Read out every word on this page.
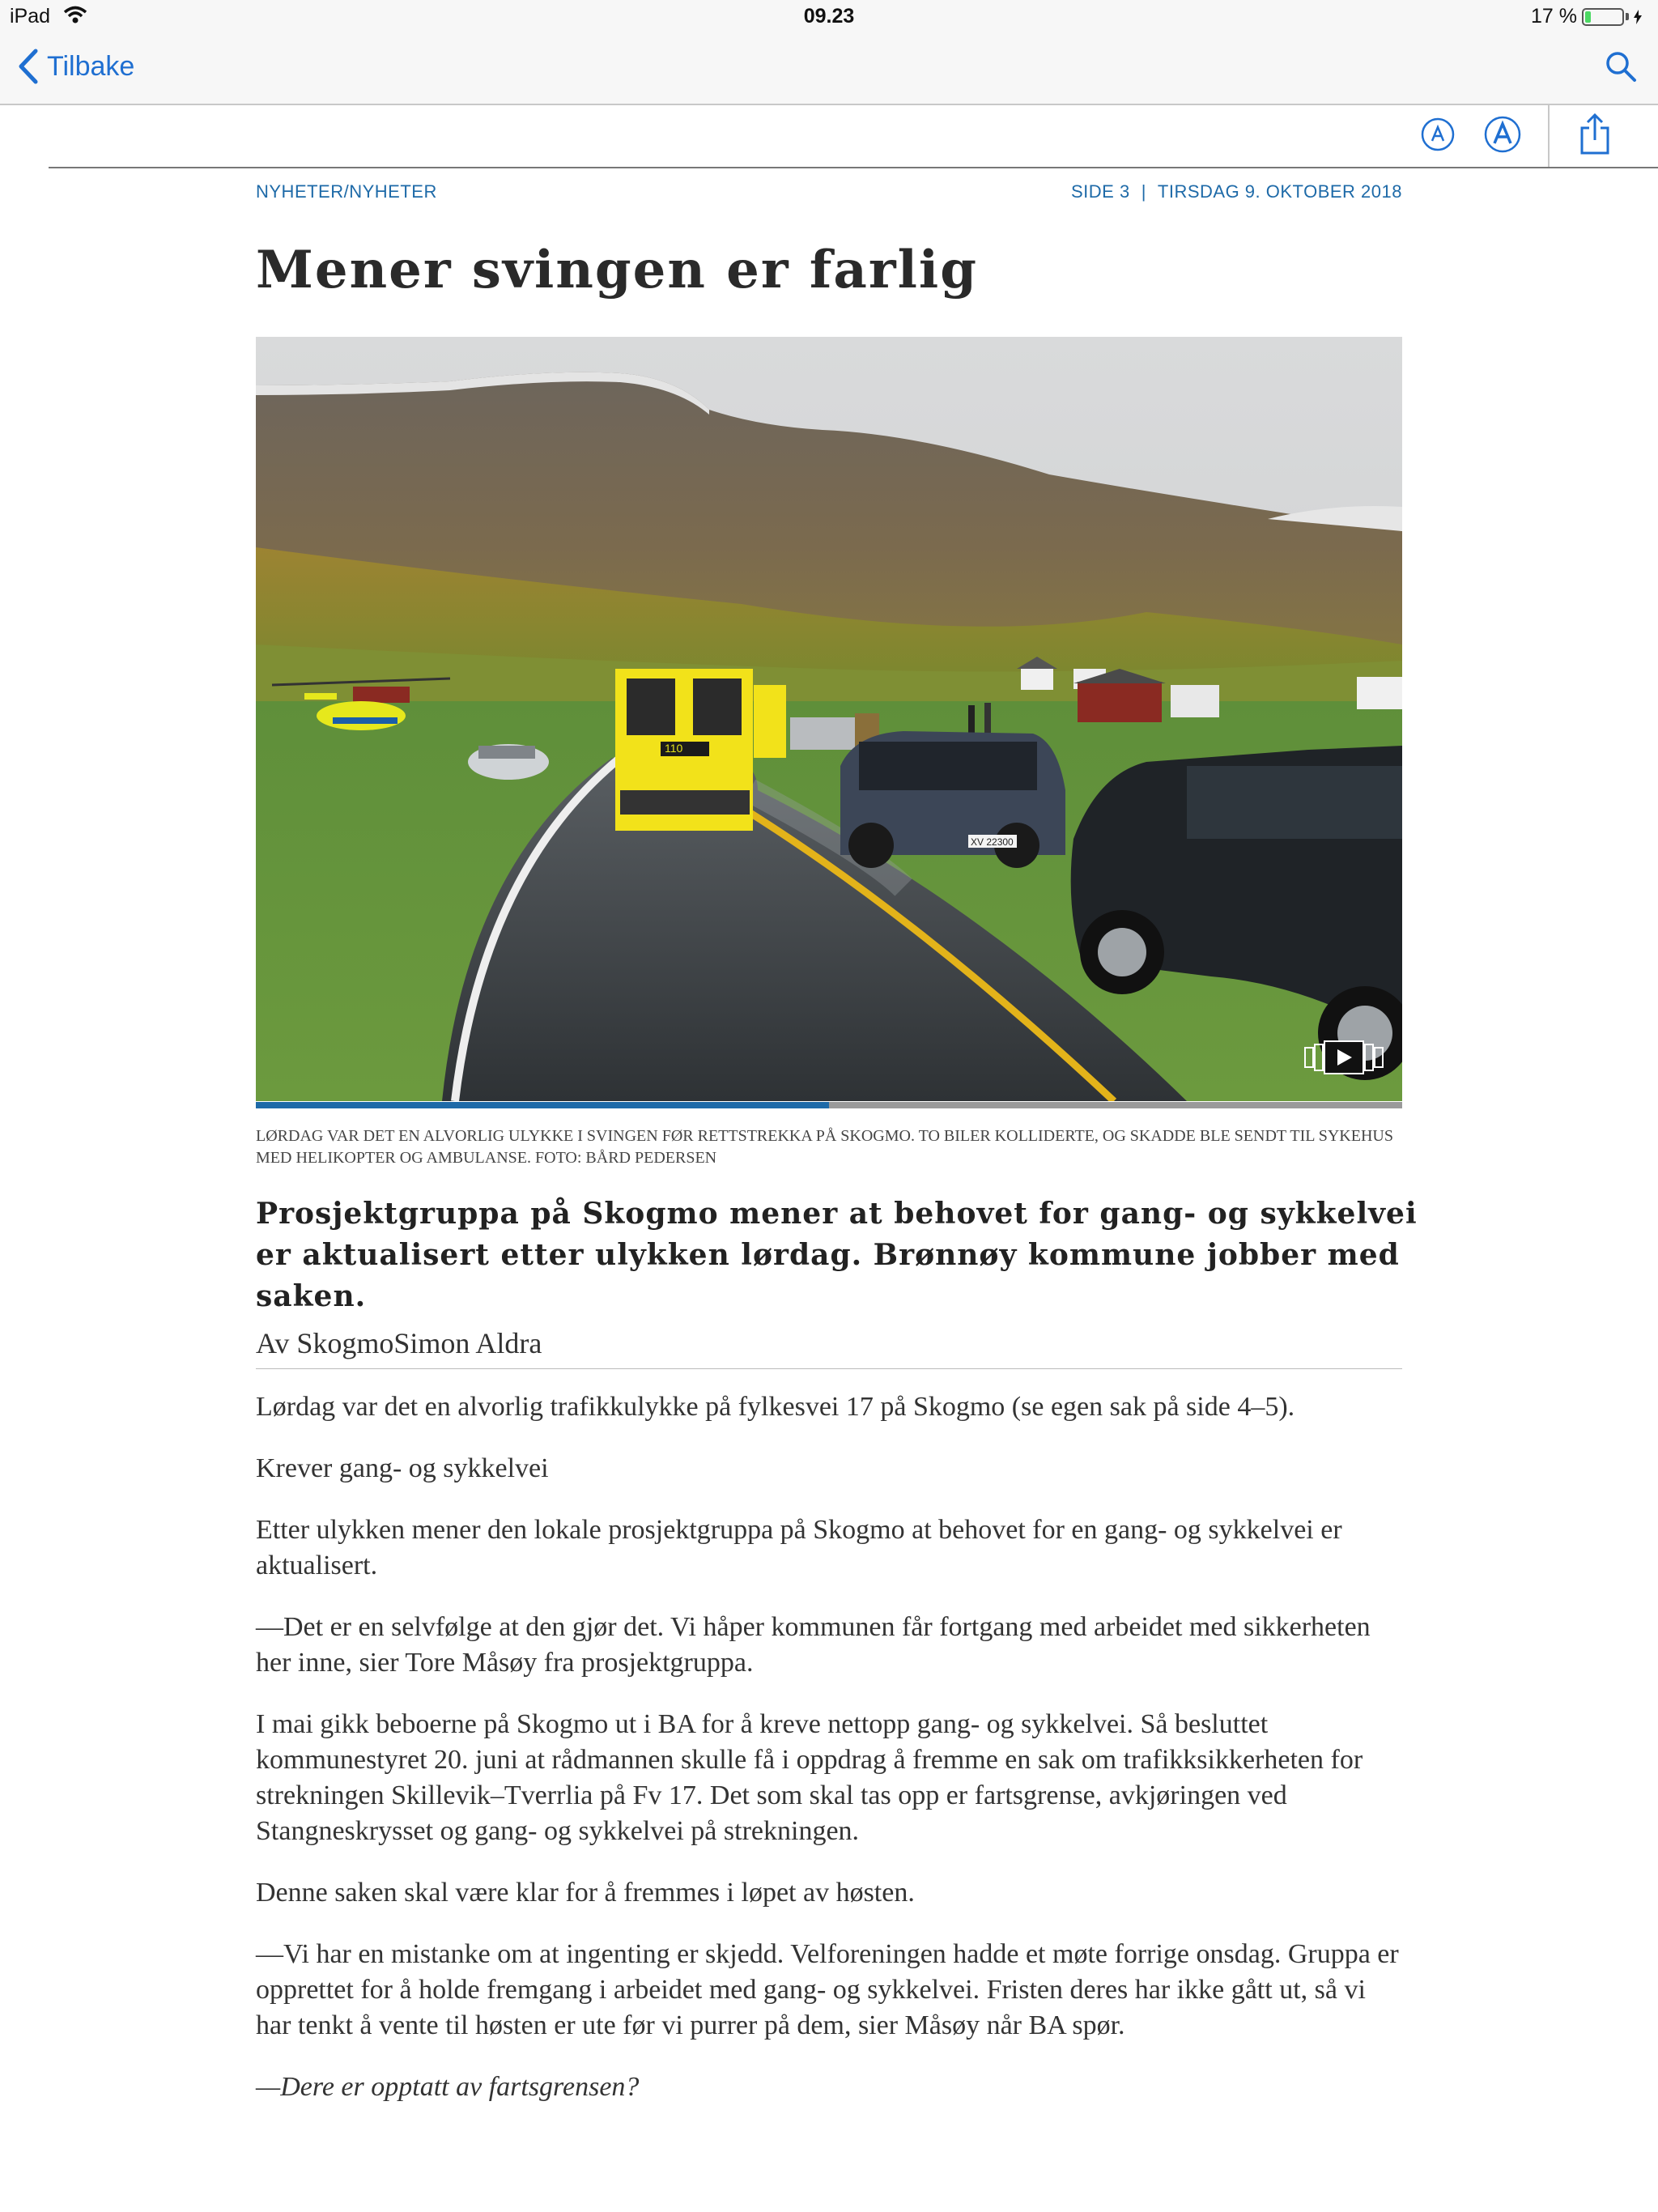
iPad	09.23	17 %
Tilbake
NYHETER/NYHETER	SIDE 3 | TIRSDAG 9. OKTOBER 2018
Mener svingen er farlig
110
XV 22300
LØRDAG VAR DET EN ALVORLIG ULYKKE I SVINGEN FØR RETTSTREKKA PÅ SKOGMO. TO BILER KOLLIDERTE, OG SKADDE BLE SENDT TIL SYKEHUS MED HELIKOPTER OG AMBULANSE. FOTO: BÅRD PEDERSEN

Prosjektgruppa på Skogmo mener at behovet for gang- og sykkelvei er aktualisert etter ulykken lørdag. Brønnøy kommune jobber med saken.

Av SkogmoSimon Aldra

Lørdag var det en alvorlig trafikkulykke på fylkesvei 17 på Skogmo (se egen sak på side 4–5).

Krever gang- og sykkelvei

Etter ulykken mener den lokale prosjektgruppa på Skogmo at behovet for en gang- og sykkelvei er aktualisert.

—Det er en selvfølge at den gjør det. Vi håper kommunen får fortgang med arbeidet med sikkerheten her inne, sier Tore Måsøy fra prosjektgruppa.

I mai gikk beboerne på Skogmo ut i BA for å kreve nettopp gang- og sykkelvei. Så besluttet kommunestyret 20. juni at rådmannen skulle få i oppdrag å fremme en sak om trafikksikkerheten for strekningen Skillevik–Tverrlia på Fv 17. Det som skal tas opp er fartsgrense, avkjøringen ved Stangneskrysset og gang- og sykkelvei på strekningen.

Denne saken skal være klar for å fremmes i løpet av høsten.

—Vi har en mistanke om at ingenting er skjedd. Velforeningen hadde et møte forrige onsdag. Gruppa er opprettet for å holde fremgang i arbeidet med gang- og sykkelvei. Fristen deres har ikke gått ut, så vi har tenkt å vente til høsten er ute før vi purrer på dem, sier Måsøy når BA spør.

—Dere er opptatt av fartsgrensen?
